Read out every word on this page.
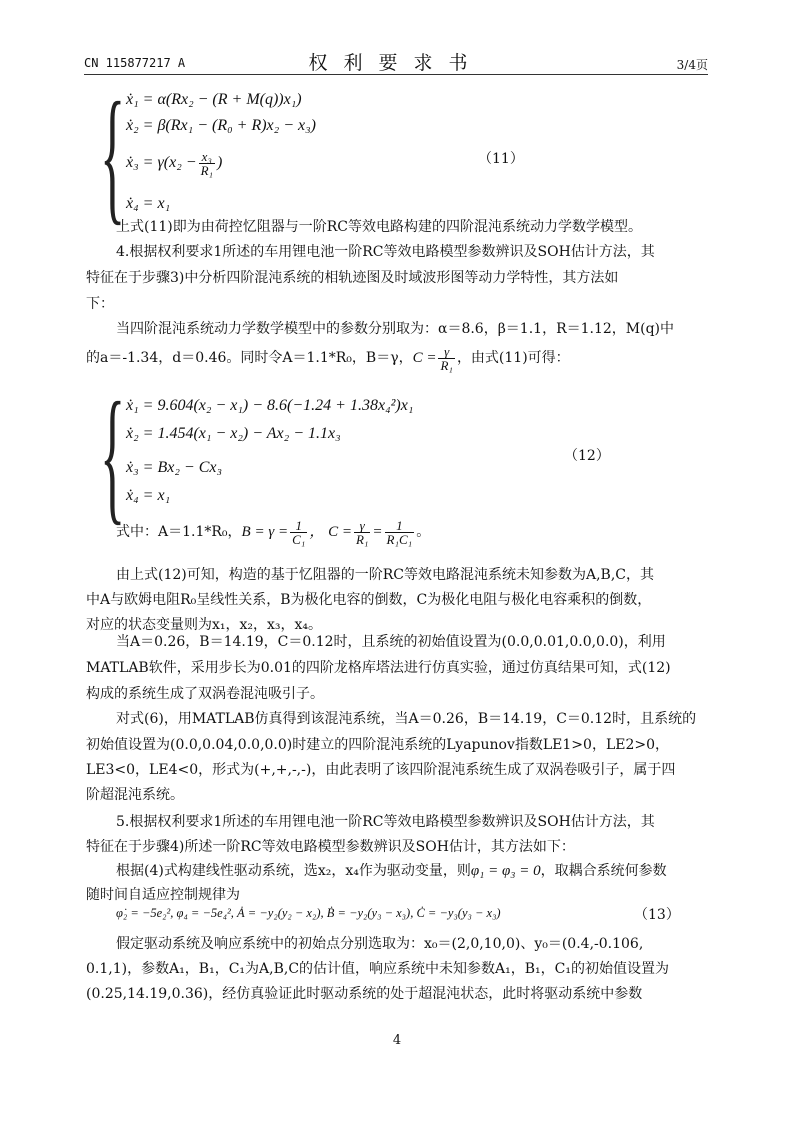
CN 115877217 A	权利要求书	3/4页
{ ẋ₁ = α(Rx₂ − (R + M(q))x₁)
ẋ₂ = β(Rx₁ − (R₀ + R)x₂ − x₃)
ẋ₃ = $\gamma(x_2 - \frac{\text{x₃}}{\text{R₁}}$ )
ẋ₄ = x₁
（11）
上式(11)即为由荷控忆阻器与一阶RC等效电路构建的四阶混沌系统动力学数学模型。
4.根据权利要求1所述的车用锂电池一阶RC等效电路模型参数辨识及SOH估计方法，其
特征在于步骤3)中分析四阶混沌系统的相轨迹图及时域波形图等动力学特性，其方法如
下：
当四阶混沌系统动力学数学模型中的参数分别取为：α＝8.6，β＝1.1，R＝1.12，M(q)中
的a＝-1.34，d＝0.46。同时令A＝1.1*R₀，B＝γ，$C = \frac{\gamma}{\text{R₁}}$ ，由式(11)可得：
{ ẋ₁ = 9.604(x₂ − x₁) − 8.6(−1.24 + 1.38x₄²)x₁
ẋ₂ = 1.454(x₁ − x₂) − Ax₂ − 1.1x₃
ẋ₃ = Bx₂ − Cx₃
ẋ₄ = x₁
（12）
式中：A＝1.1*R₀，$B = \gamma = \frac{1}{\text{C₁}}$ ， $C = \frac{\gamma}{\text{R₁}} = \frac{1}{\text{R₁C₁}}$ 。
由上式(12)可知，构造的基于忆阻器的一阶RC等效电路混沌系统未知参数为A,B,C，其
中A与欧姆电阻R₀呈线性关系，B为极化电容的倒数，C为极化电阻与极化电容乘积的倒数，
对应的状态变量则为x₁，x₂，x₃，x₄。
当A＝0.26，B＝14.19，C＝0.12时，且系统的初始值设置为(0.0,0.01,0.0,0.0)，利用
MATLAB软件，采用步长为0.01的四阶龙格库塔法进行仿真实验，通过仿真结果可知，式(12)
构成的系统生成了双涡卷混沌吸引子。
对式(6)，用MATLAB仿真得到该混沌系统，当A＝0.26，B＝14.19，C＝0.12时，且系统的
初始值设置为(0.0,0.04,0.0,0.0)时建立的四阶混沌系统的Lyapunov指数LE1>0，LE2>0，
LE3<0，LE4<0，形式为(+,+,-,-)，由此表明了该四阶混沌系统生成了双涡卷吸引子，属于四
阶超混沌系统。
5.根据权利要求1所述的车用锂电池一阶RC等效电路模型参数辨识及SOH估计方法，其
特征在于步骤4)所述一阶RC等效电路模型参数辨识及SOH估计，其方法如下：
根据(4)式构建线性驱动系统，选x₂，x₄作为驱动变量，则φ₁ = φ₃ = 0，取耦合系统何参数
随时间自适应控制规律为
φ̇₂ = −5e₂², φ₄ = −5e₄², Ȧ = −y₂(y₂ − x₂), Ḃ = −y₂(y₃ − x₃), Ċ = −y₃(y₃ − x₃)	（13）
假定驱动系统及响应系统中的初始点分别选取为：x₀＝(2,0,10,0)、y₀＝(0.4,-0.106,
0.1,1)，参数A₁，B₁，C₁为A,B,C的估计值，响应系统中未知参数A₁，B₁，C₁的初始值设置为
(0.25,14.19,0.36)，经仿真验证此时驱动系统的处于超混沌状态，此时将驱动系统中参数
4
